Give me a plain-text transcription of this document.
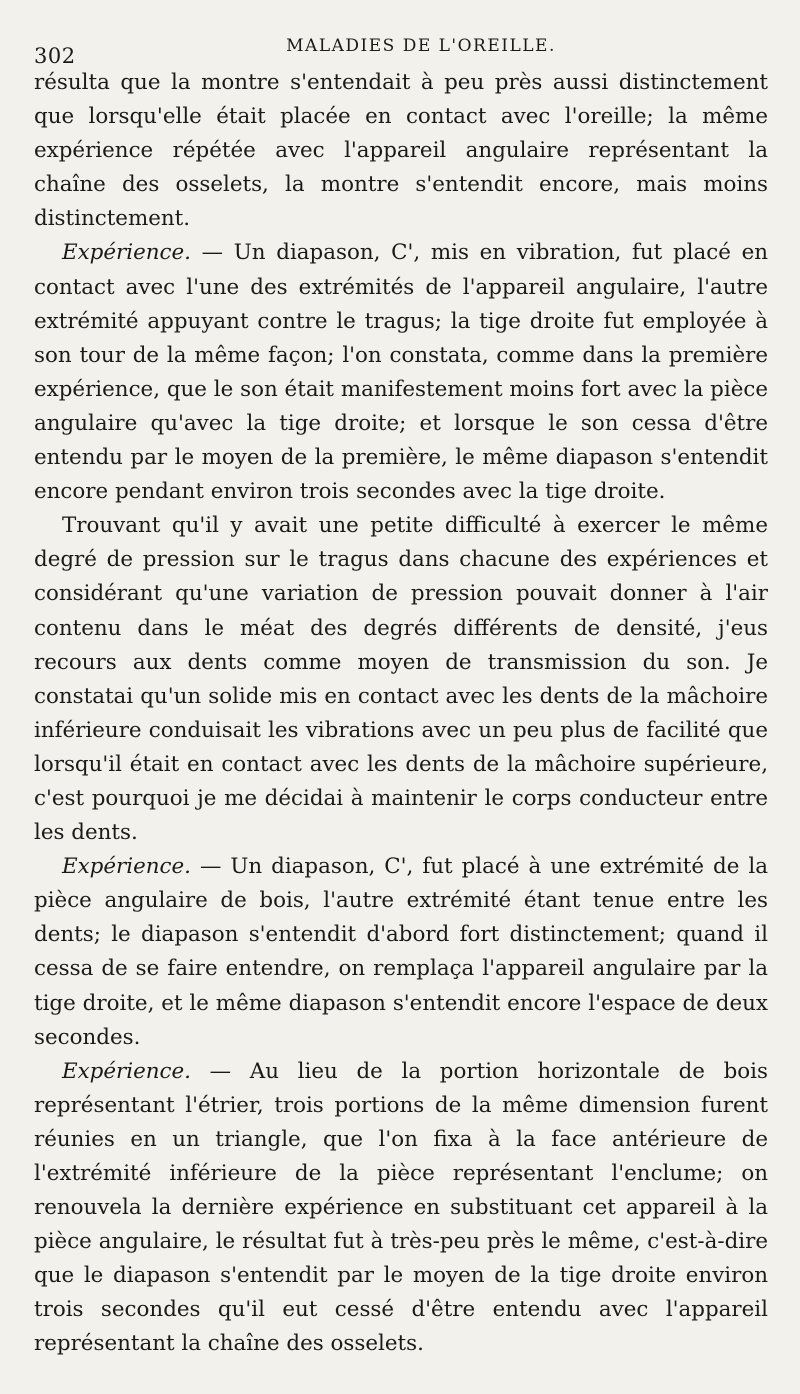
302	MALADIES DE L'OREILLE.

résulta que la montre s'entendait à peu près aussi distinctement que lorsqu'elle était placée en contact avec l'oreille; la même expérience répétée avec l'appareil angulaire représentant la chaîne des osselets, la montre s'entendit encore, mais moins distinctement.

Expérience. — Un diapason, C', mis en vibration, fut placé en contact avec l'une des extrémités de l'appareil angulaire, l'autre extrémité appuyant contre le tragus; la tige droite fut employée à son tour de la même façon; l'on constata, comme dans la première expérience, que le son était manifestement moins fort avec la pièce angulaire qu'avec la tige droite; et lorsque le son cessa d'être entendu par le moyen de la première, le même diapason s'entendit encore pendant environ trois secondes avec la tige droite.

Trouvant qu'il y avait une petite difficulté à exercer le même degré de pression sur le tragus dans chacune des expériences et considérant qu'une variation de pression pouvait donner à l'air contenu dans le méat des degrés différents de densité, j'eus recours aux dents comme moyen de transmission du son. Je constatai qu'un solide mis en contact avec les dents de la mâchoire inférieure conduisait les vibrations avec un peu plus de facilité que lorsqu'il était en contact avec les dents de la mâchoire supérieure, c'est pourquoi je me décidai à maintenir le corps conducteur entre les dents.

Expérience. — Un diapason, C', fut placé à une extrémité de la pièce angulaire de bois, l'autre extrémité étant tenue entre les dents; le diapason s'entendit d'abord fort distinctement; quand il cessa de se faire entendre, on remplaça l'appareil angulaire par la tige droite, et le même diapason s'entendit encore l'espace de deux secondes.

Expérience. — Au lieu de la portion horizontale de bois représentant l'étrier, trois portions de la même dimension furent réunies en un triangle, que l'on fixa à la face antérieure de l'extrémité inférieure de la pièce représentant l'enclume; on renouvela la dernière expérience en substituant cet appareil à la pièce angulaire, le résultat fut à très-peu près le même, c'est-à-dire que le diapason s'entendit par le moyen de la tige droite environ trois secondes qu'il eut cessé d'être entendu avec l'appareil représentant la chaîne des osselets.
